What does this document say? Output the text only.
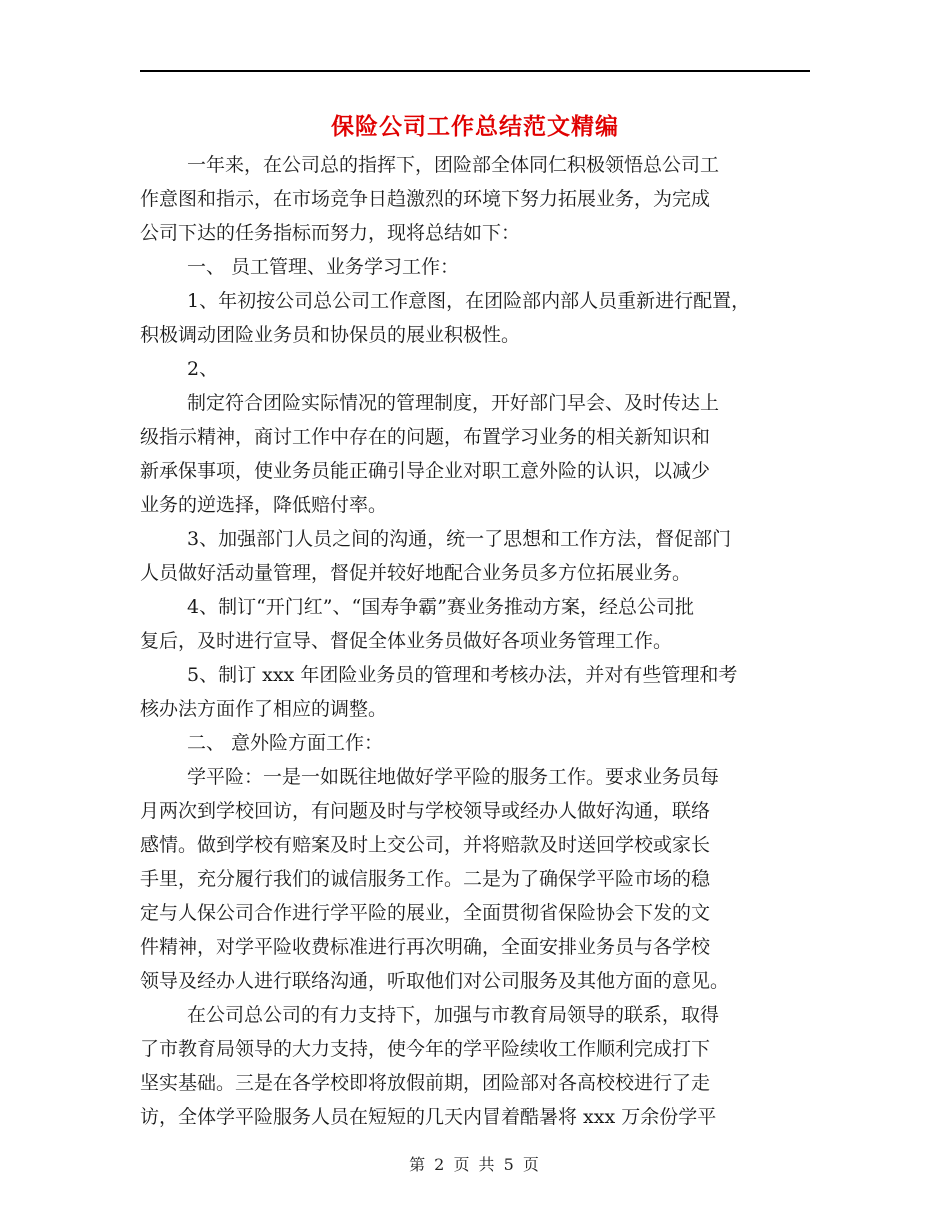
保险公司工作总结范文精编
一年来，在公司总的指挥下，团险部全体同仁积极领悟总公司工
作意图和指示，在市场竞争日趋激烈的环境下努力拓展业务，为完成
公司下达的任务指标而努力，现将总结如下：
一、 员工管理、业务学习工作：
1、年初按公司总公司工作意图，在团险部内部人员重新进行配置，
积极调动团险业务员和协保员的展业积极性。
2、
制定符合团险实际情况的管理制度，开好部门早会、及时传达上
级指示精神，商讨工作中存在的问题，布置学习业务的相关新知识和
新承保事项，使业务员能正确引导企业对职工意外险的认识，以减少
业务的逆选择，降低赔付率。
3、加强部门人员之间的沟通，统一了思想和工作方法，督促部门
人员做好活动量管理，督促并较好地配合业务员多方位拓展业务。
4、制订“开门红”、“国寿争霸”赛业务推动方案，经总公司批
复后，及时进行宣导、督促全体业务员做好各项业务管理工作。
5、制订 xxx 年团险业务员的管理和考核办法，并对有些管理和考
核办法方面作了相应的调整。
二、 意外险方面工作：
学平险：一是一如既往地做好学平险的服务工作。要求业务员每
月两次到学校回访，有问题及时与学校领导或经办人做好沟通，联络
感情。做到学校有赔案及时上交公司，并将赔款及时送回学校或家长
手里，充分履行我们的诚信服务工作。二是为了确保学平险市场的稳
定与人保公司合作进行学平险的展业，全面贯彻省保险协会下发的文
件精神，对学平险收费标准进行再次明确，全面安排业务员与各学校
领导及经办人进行联络沟通，听取他们对公司服务及其他方面的意见。
在公司总公司的有力支持下，加强与市教育局领导的联系，取得
了市教育局领导的大力支持，使今年的学平险续收工作顺利完成打下
坚实基础。三是在各学校即将放假前期，团险部对各高校校进行了走
访，全体学平险服务人员在短短的几天内冒着酷暑将 xxx 万余份学平
第 2 页 共 5 页
